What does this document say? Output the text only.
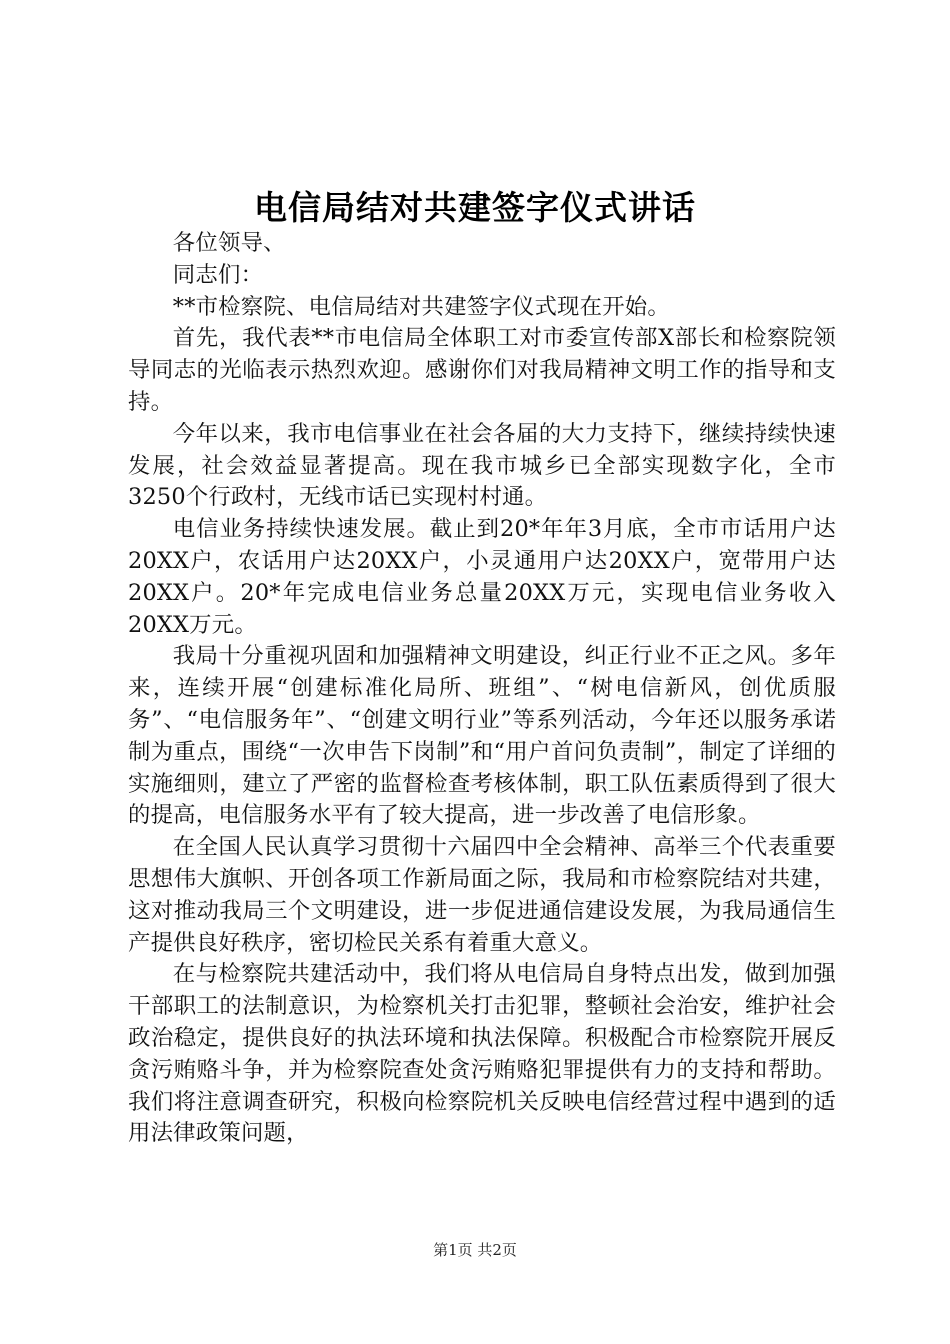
电信局结对共建签字仪式讲话

各位领导、

同志们：

**市检察院、电信局结对共建签字仪式现在开始。

首先，我代表**市电信局全体职工对市委宣传部X部长和检察院领导同志的光临表示热烈欢迎。感谢你们对我局精神文明工作的指导和支持。

今年以来，我市电信事业在社会各届的大力支持下，继续持续快速发展，社会效益显著提高。现在我市城乡已全部实现数字化，全市3250个行政村，无线市话已实现村村通。

电信业务持续快速发展。截止到20*年年3月底，全市市话用户达20XX户，农话用户达20XX户，小灵通用户达20XX户，宽带用户达20XX户。20*年完成电信业务总量20XX万元，实现电信业务收入20XX万元。

我局十分重视巩固和加强精神文明建设，纠正行业不正之风。多年来，连续开展“创建标准化局所、班组”、“树电信新风，创优质服务”、“电信服务年”、“创建文明行业”等系列活动，今年还以服务承诺制为重点，围绕“一次申告下岗制”和“用户首问负责制”，制定了详细的实施细则，建立了严密的监督检查考核体制，职工队伍素质得到了很大的提高，电信服务水平有了较大提高，进一步改善了电信形象。

在全国人民认真学习贯彻十六届四中全会精神、高举三个代表重要思想伟大旗帜、开创各项工作新局面之际，我局和市检察院结对共建，这对推动我局三个文明建设，进一步促进通信建设发展，为我局通信生产提供良好秩序，密切检民关系有着重大意义。

在与检察院共建活动中，我们将从电信局自身特点出发，做到加强干部职工的法制意识，为检察机关打击犯罪，整顿社会治安，维护社会政治稳定，提供良好的执法环境和执法保障。积极配合市检察院开展反贪污贿赂斗争，并为检察院查处贪污贿赂犯罪提供有力的支持和帮助。我们将注意调查研究，积极向检察院机关反映电信经营过程中遇到的适用法律政策问题，

第1页 共2页
